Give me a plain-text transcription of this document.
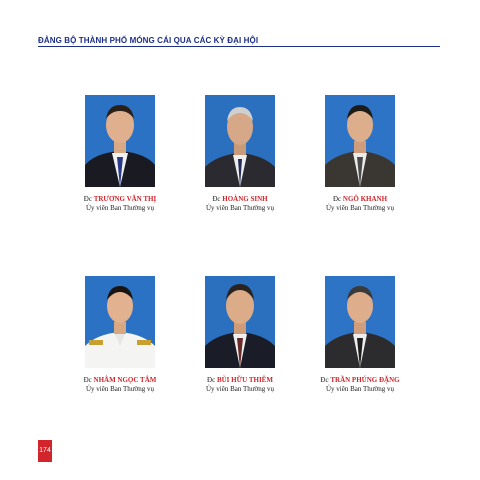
ĐẢNG BỘ THÀNH PHỐ MÓNG CÁI QUA CÁC KỲ ĐẠI HỘI
Đc TRƯƠNG VĂN THỊ
Ủy viên Ban Thường vụ
Đc HOÀNG SINH
Ủy viên Ban Thường vụ
Đc NGÔ KHANH
Ủy viên Ban Thường vụ
Đc NHÂM NGỌC TÂM
Ủy viên Ban Thường vụ
Đc BÙI HỮU THIÊM
Ủy viên Ban Thường vụ
Đc TRẦN PHÚNG ĐẶNG
Ủy viên Ban Thường vụ
174
